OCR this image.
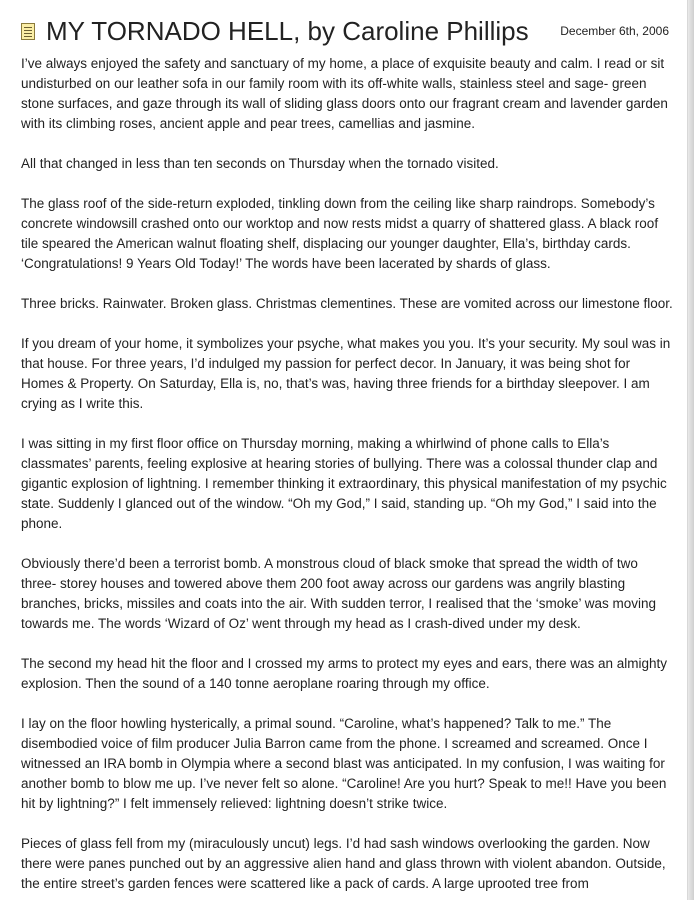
MY TORNADO HELL, by Caroline Phillips	December 6th, 2006

I’ve always enjoyed the safety and sanctuary of my home, a place of exquisite beauty and calm. I read or sit undisturbed on our leather sofa in our family room with its off-white walls, stainless steel and sage- green stone surfaces, and gaze through its wall of sliding glass doors onto our fragrant cream and lavender garden with its climbing roses, ancient apple and pear trees, camellias and jasmine.

All that changed in less than ten seconds on Thursday when the tornado visited.

The glass roof of the side-return exploded, tinkling down from the ceiling like sharp raindrops. Somebody’s concrete windowsill crashed onto our worktop and now rests midst a quarry of shattered glass. A black roof tile speared the American walnut floating shelf, displacing our younger daughter, Ella’s, birthday cards. ‘Congratulations! 9 Years Old Today!’ The words have been lacerated by shards of glass.

Three bricks. Rainwater. Broken glass. Christmas clementines. These are vomited across our limestone floor.

If you dream of your home, it symbolizes your psyche, what makes you you. It’s your security. My soul was in that house. For three years, I’d indulged my passion for perfect decor. In January, it was being shot for Homes & Property. On Saturday, Ella is, no, that’s was, having three friends for a birthday sleepover. I am crying as I write this.

I was sitting in my first floor office on Thursday morning, making a whirlwind of phone calls to Ella’s classmates’ parents, feeling explosive at hearing stories of bullying. There was a colossal thunder clap and gigantic explosion of lightning. I remember thinking it extraordinary, this physical manifestation of my psychic state. Suddenly I glanced out of the window. “Oh my God,” I said, standing up. “Oh my God,” I said into the phone.

Obviously there’d been a terrorist bomb. A monstrous cloud of black smoke that spread the width of two three- storey houses and towered above them 200 foot away across our gardens was angrily blasting branches, bricks, missiles and coats into the air. With sudden terror, I realised that the ‘smoke’ was moving towards me. The words ‘Wizard of Oz’ went through my head as I crash-dived under my desk.

The second my head hit the floor and I crossed my arms to protect my eyes and ears, there was an almighty explosion. Then the sound of a 140 tonne aeroplane roaring through my office.

I lay on the floor howling hysterically, a primal sound. “Caroline, what’s happened? Talk to me.” The disembodied voice of film producer Julia Barron came from the phone. I screamed and screamed. Once I witnessed an IRA bomb in Olympia where a second blast was anticipated. In my confusion, I was waiting for another bomb to blow me up. I’ve never felt so alone. “Caroline! Are you hurt? Speak to me!! Have you been hit by lightning?” I felt immensely relieved: lightning doesn’t strike twice.

Pieces of glass fell from my (miraculously uncut) legs. I’d had sash windows overlooking the garden. Now there were panes punched out by an aggressive alien hand and glass thrown with violent abandon. Outside, the entire street’s garden fences were scattered like a pack of cards. A large uprooted tree from
